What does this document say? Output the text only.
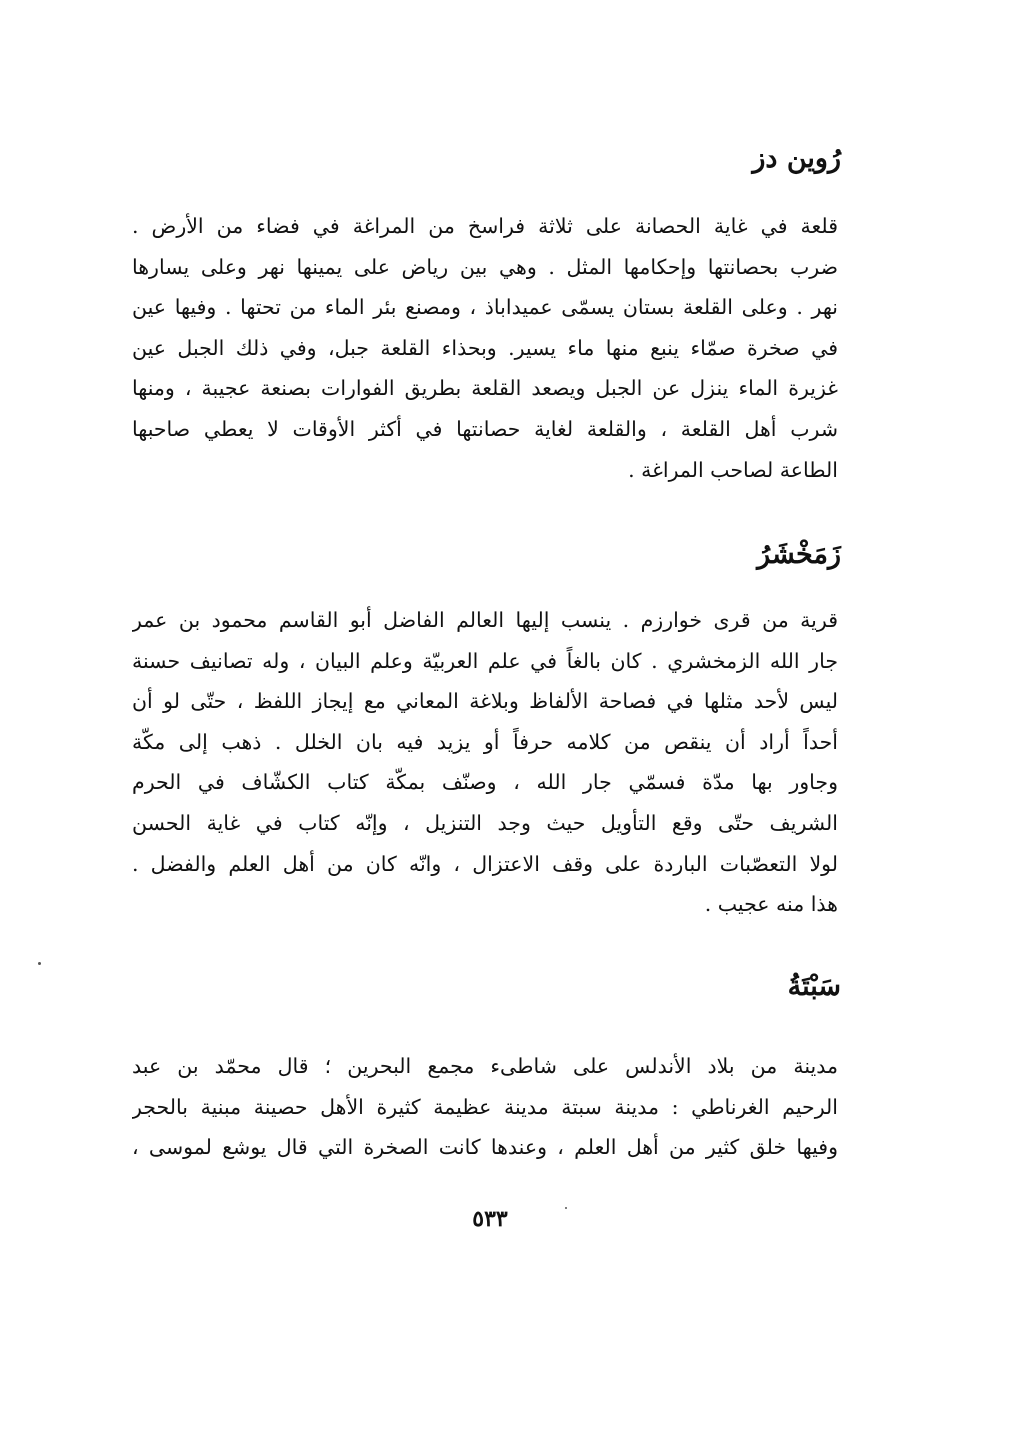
رُوين دز
قلعة في غاية الحصانة على ثلاثة فراسخ من المراغة في فضاء من الأرض .
ضرب بحصانتها وإحكامها المثل . وهي بين رياض على يمينها نهر وعلى يسارها
نهر . وعلى القلعة بستان يسمّى عميداباذ ، ومصنع بئر الماء من تحتها . وفيها عين
في صخرة صمّاء ينبع منها ماء يسير. وبحذاء القلعة جبل، وفي ذلك الجبل عين
غزيرة الماء ينزل عن الجبل ويصعد القلعة بطريق الفوارات بصنعة عجيبة ، ومنها
شرب أهل القلعة ، والقلعة لغاية حصانتها في أكثر الأوقات لا يعطي صاحبها
الطاعة لصاحب المراغة .
زَمَخْشَرُ
قرية من قرى خوارزم . ينسب إليها العالم الفاضل أبو القاسم محمود بن عمر
جار الله الزمخشري . كان بالغاً في علم العربيّة وعلم البيان ، وله تصانيف حسنة
ليس لأحد مثلها في فصاحة الألفاظ وبلاغة المعاني مع إيجاز اللفظ ، حتّى لو أن
أحداً أراد أن ينقص من كلامه حرفاً أو يزيد فيه بان الخلل . ذهب إلى مكّة
وجاور بها مدّة فسمّي جار الله ، وصنّف بمكّة كتاب الكشّاف في الحرم
الشريف حتّى وقع التأويل حيث وجد التنزيل ، وإنّه كتاب في غاية الحسن
لولا التعصّبات الباردة على وقف الاعتزال ، وانّه كان من أهل العلم والفضل .
هذا منه عجيب .
سَبْتَةُ
مدينة من بلاد الأندلس على شاطىء مجمع البحرين ؛ قال محمّد بن عبد
الرحيم الغرناطي : مدينة سبتة مدينة عظيمة كثيرة الأهل حصينة مبنية بالحجر
وفيها خلق كثير من أهل العلم ، وعندها كانت الصخرة التي قال يوشع لموسى ،
٥٣٣
